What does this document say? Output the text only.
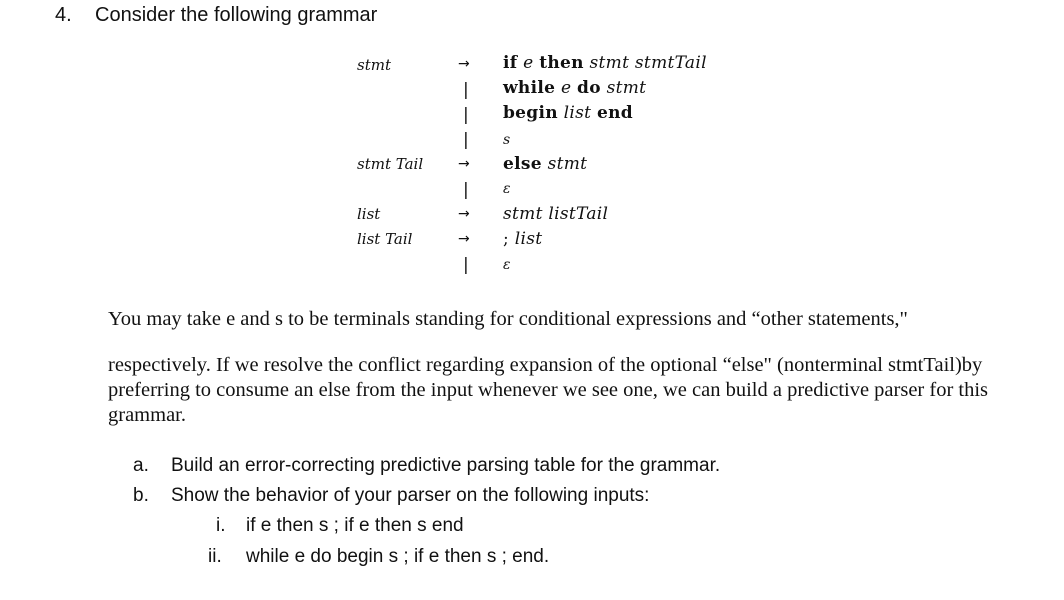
4. Consider the following grammar
stmt
stmt Tail
list
list Tail
→
|
|
|
→
|
→
→
|
if e then stmt stmtTail
while e do stmt
begin list end
s
else stmt
ε
stmt listTail
; list
ε
You may take e and s to be terminals standing for conditional expressions and “other statements,"
respectively. If we resolve the conflict regarding expansion of the optional “else" (nonterminal stmtTail)by preferring to consume an else from the input whenever we see one, we can build a predictive parser for this grammar.
a. Build an error-correcting predictive parsing table for the grammar.
b. Show the behavior of your parser on the following inputs:
i. if e then s ; if e then s end
ii. while e do begin s ; if e then s ; end.
